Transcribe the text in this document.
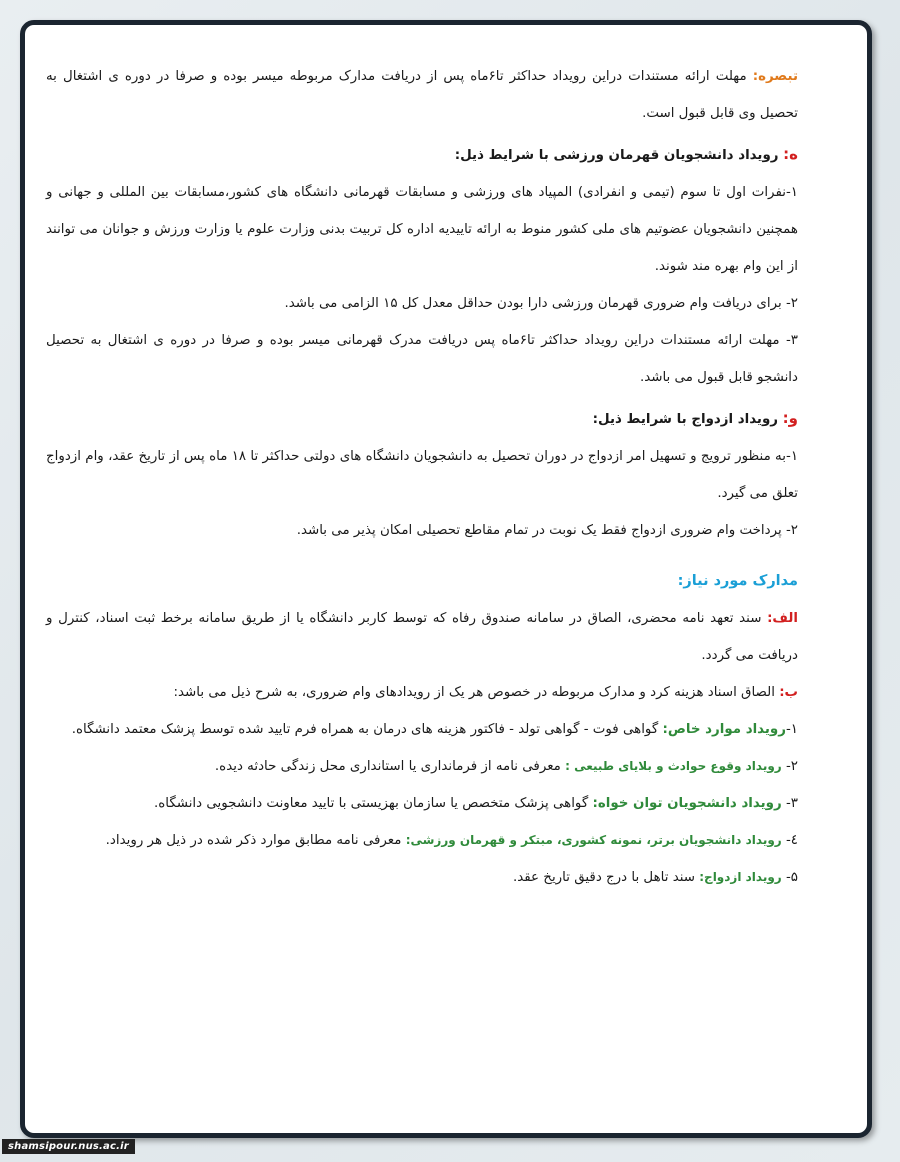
تبصره: مهلت ارائه مستندات دراین رویداد حداکثر تا۶ماه پس از دریافت مدارک مربوطه میسر بوده و صرفا در دوره ی اشتغال به تحصیل وی قابل قبول است.

ه: رویداد دانشجویان قهرمان ورزشی با شرایط ذیل:

۱-نفرات اول تا سوم (تیمی و انفرادی) المپیاد های ورزشی و مسابقات قهرمانی دانشگاه های کشور،مسابقات بین المللی و جهانی و همچنین دانشجویان عضوتیم های ملی کشور منوط به ارائه تاییدیه اداره کل تربیت بدنی وزارت علوم یا وزارت ورزش و جوانان می توانند از این وام بهره مند شوند.

۲- برای دریافت وام ضروری قهرمان ورزشی دارا بودن حداقل معدل کل ۱۵ الزامی می باشد.

۳- مهلت ارائه مستندات دراین رویداد حداکثر تا۶ماه پس دریافت مدرک قهرمانی میسر بوده و صرفا در دوره ی اشتغال به تحصیل دانشجو قابل قبول می باشد.

و: رویداد ازدواج با شرایط ذیل:

۱-به منظور ترویج و تسهیل امر ازدواج در دوران تحصیل به دانشجویان دانشگاه های دولتی حداکثر تا ۱۸ ماه پس از تاریخ عقد، وام ازدواج تعلق می گیرد.

۲- پرداخت وام ضروری ازدواج فقط یک نوبت در تمام مقاطع تحصیلی امکان پذیر می باشد.

مدارک مورد نیاز:

الف: سند تعهد نامه محضری، الصاق در سامانه صندوق رفاه که توسط کاربر دانشگاه یا از طریق سامانه برخط ثبت اسناد، کنترل و دریافت می گردد.

ب: الصاق اسناد هزینه کرد و مدارک مربوطه در خصوص هر یک از رویدادهای وام ضروری، به شرح ذیل می باشد:

۱-رویداد موارد خاص: گواهی فوت - گواهی تولد - فاکتور هزینه های درمان به همراه فرم تایید شده توسط پزشک معتمد دانشگاه.

۲- رویداد وقوع حوادث و بلایای طبیعی : معرفی نامه از فرمانداری یا استانداری محل زندگی حادثه دیده.

۳- رویداد دانشجویان توان خواه: گواهی پزشک متخصص یا سازمان بهزیستی با تایید معاونت دانشجویی دانشگاه.

٤- رویداد دانشجویان برتر، نمونه کشوری، مبتکر و قهرمان ورزشی: معرفی نامه مطابق موارد ذکر شده در ذیل هر رویداد.

۵- رویداد ازدواج: سند تاهل با درج دقیق تاریخ عقد.

shamsipour.nus.ac.ir
